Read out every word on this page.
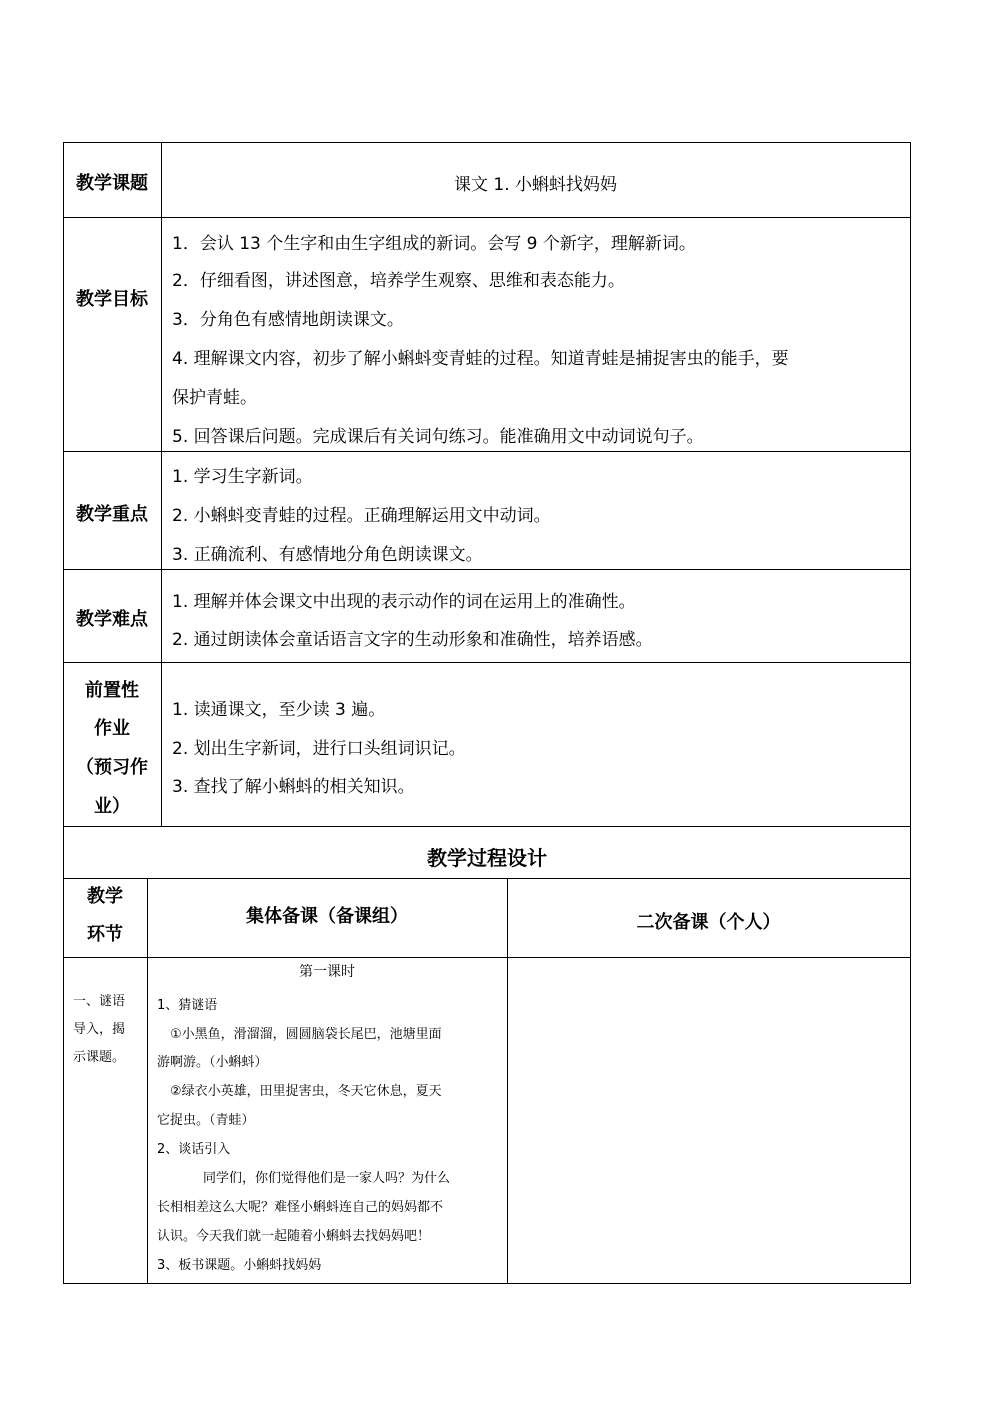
教学课题	课文 1. 小蝌蚪找妈妈
教学目标
1．会认 13 个生字和由生字组成的新词。会写 9 个新字，理解新词。
2．仔细看图，讲述图意，培养学生观察、思维和表态能力。
3．分角色有感情地朗读课文。
4. 理解课文内容，初步了解小蝌蚪变青蛙的过程。知道青蛙是捕捉害虫的能手，要
保护青蛙。
5. 回答课后问题。完成课后有关词句练习。能准确用文中动词说句子。
教学重点
1. 学习生字新词。
2. 小蝌蚪变青蛙的过程。正确理解运用文中动词。
3. 正确流利、有感情地分角色朗读课文。
教学难点
1. 理解并体会课文中出现的表示动作的词在运用上的准确性。
2. 通过朗读体会童话语言文字的生动形象和准确性，培养语感。
前置性
作业
（预习作
业）
1. 读通课文，至少读 3 遍。
2. 划出生字新词，进行口头组词识记。
3. 查找了解小蝌蚪的相关知识。
教学过程设计
教学
环节
集体备课（备课组）	二次备课（个人）
一、谜语
导入，揭
示课题。
第一课时
1、猜谜语
①小黑鱼，滑溜溜，圆圆脑袋长尾巴，池塘里面
游啊游。（小蝌蚪）
②绿衣小英雄，田里捉害虫，冬天它休息，夏天
它捉虫。（青蛙）
2、谈话引入
同学们，你们觉得他们是一家人吗？为什么
长相相差这么大呢？难怪小蝌蚪连自己的妈妈都不
认识。今天我们就一起随着小蝌蚪去找妈妈吧！
3、板书课题。小蝌蚪找妈妈
